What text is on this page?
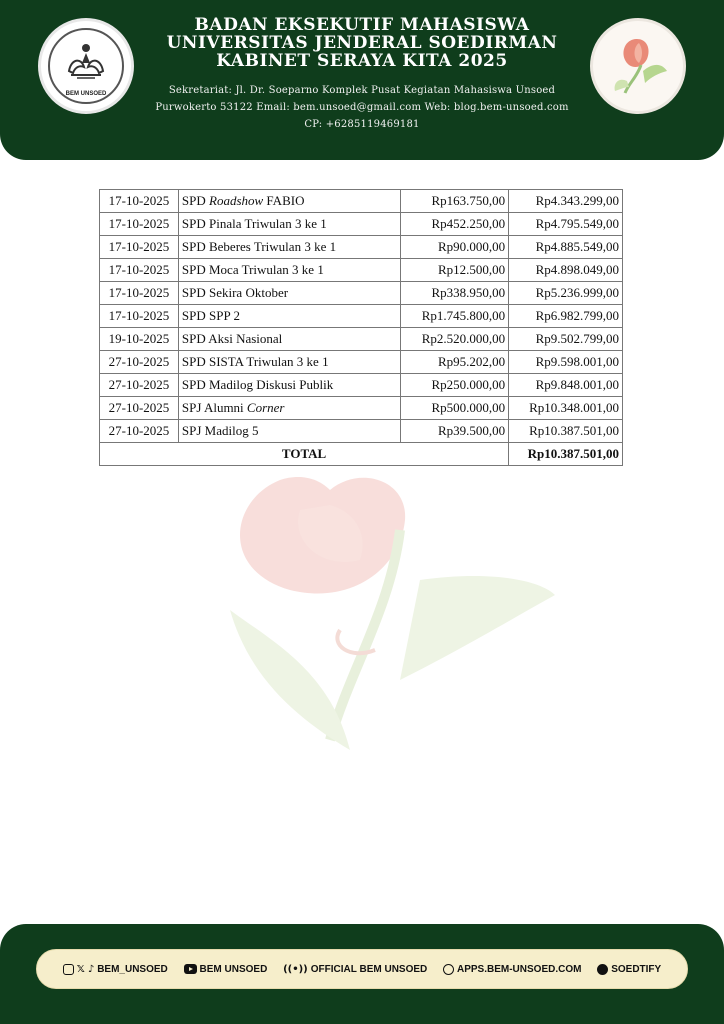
BEM UNSOED
BADAN EKSEKUTIF MAHASISWA
UNIVERSITAS JENDERAL SOEDIRMAN
KABINET SERAYA KITA 2025
Sekretariat: Jl. Dr. Soeparno Komplek Pusat Kegiatan Mahasiswa Unsoed
Purwokerto 53122 Email: bem.unsoed@gmail.com Web: blog.bem-unsoed.com
CP: +6285119469181
17-10-2025	SPD Roadshow FABIO	Rp163.750,00	Rp4.343.299,00
17-10-2025	SPD Pinala Triwulan 3 ke 1	Rp452.250,00	Rp4.795.549,00
17-10-2025	SPD Beberes Triwulan 3 ke 1	Rp90.000,00	Rp4.885.549,00
17-10-2025	SPD Moca Triwulan 3 ke 1	Rp12.500,00	Rp4.898.049,00
17-10-2025	SPD Sekira Oktober	Rp338.950,00	Rp5.236.999,00
17-10-2025	SPD SPP 2	Rp1.745.800,00	Rp6.982.799,00
19-10-2025	SPD Aksi Nasional	Rp2.520.000,00	Rp9.502.799,00
27-10-2025	SPD SISTA Triwulan 3 ke 1	Rp95.202,00	Rp9.598.001,00
27-10-2025	SPD Madilog Diskusi Publik	Rp250.000,00	Rp9.848.001,00
27-10-2025	SPJ Alumni Corner	Rp500.000,00	Rp10.348.001,00
27-10-2025	SPJ Madilog 5	Rp39.500,00	Rp10.387.501,00
TOTAL			Rp10.387.501,00
𝕏 ♪ BEM_UNSOED	BEM UNSOED ((•)) OFFICIAL BEM UNSOED	APPS.BEM-UNSOED.COM	SOEDTIFY
